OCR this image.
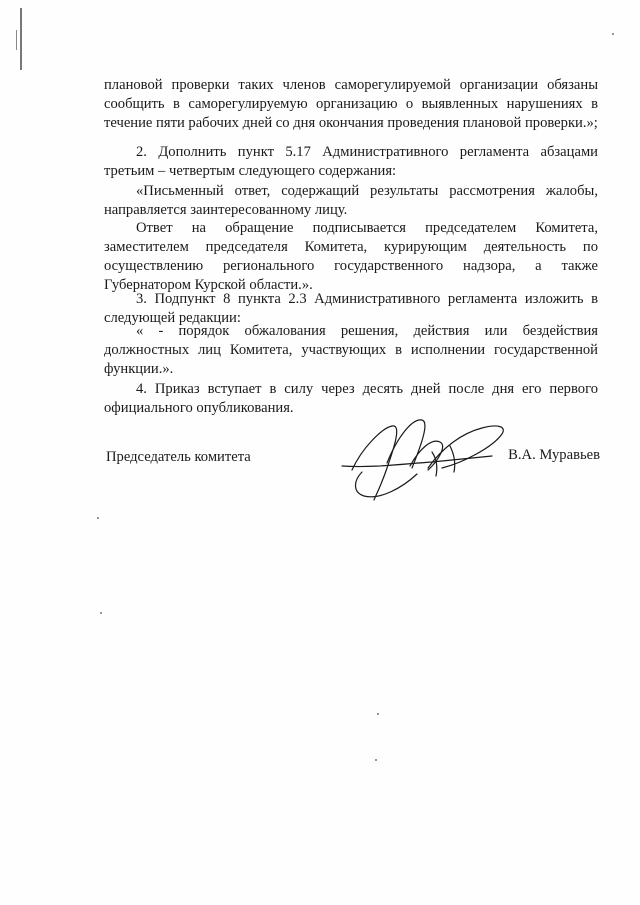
плановой проверки таких членов саморегулируемой организации обязаны сообщить в саморегулируемую организацию о выявленных нарушениях в течение пяти рабочих дней со дня окончания проведения плановой проверки.»;

2. Дополнить пункт 5.17 Административного регламента абзацами третьим – четвертым следующего содержания:

«Письменный ответ, содержащий результаты рассмотрения жалобы, направляется заинтересованному лицу.

Ответ на обращение подписывается председателем Комитета, заместителем председателя Комитета, курирующим деятельность по осуществлению регионального государственного надзора, а также Губернатором Курской области.».

3. Подпункт 8 пункта 2.3 Административного регламента изложить в следующей редакции:

« - порядок обжалования решения, действия или бездействия должностных лиц Комитета, участвующих в исполнении государственной функции.».

4. Приказ вступает в силу через десять дней после дня его первого официального опубликования.

Председатель комитета	В.А. Муравьев
